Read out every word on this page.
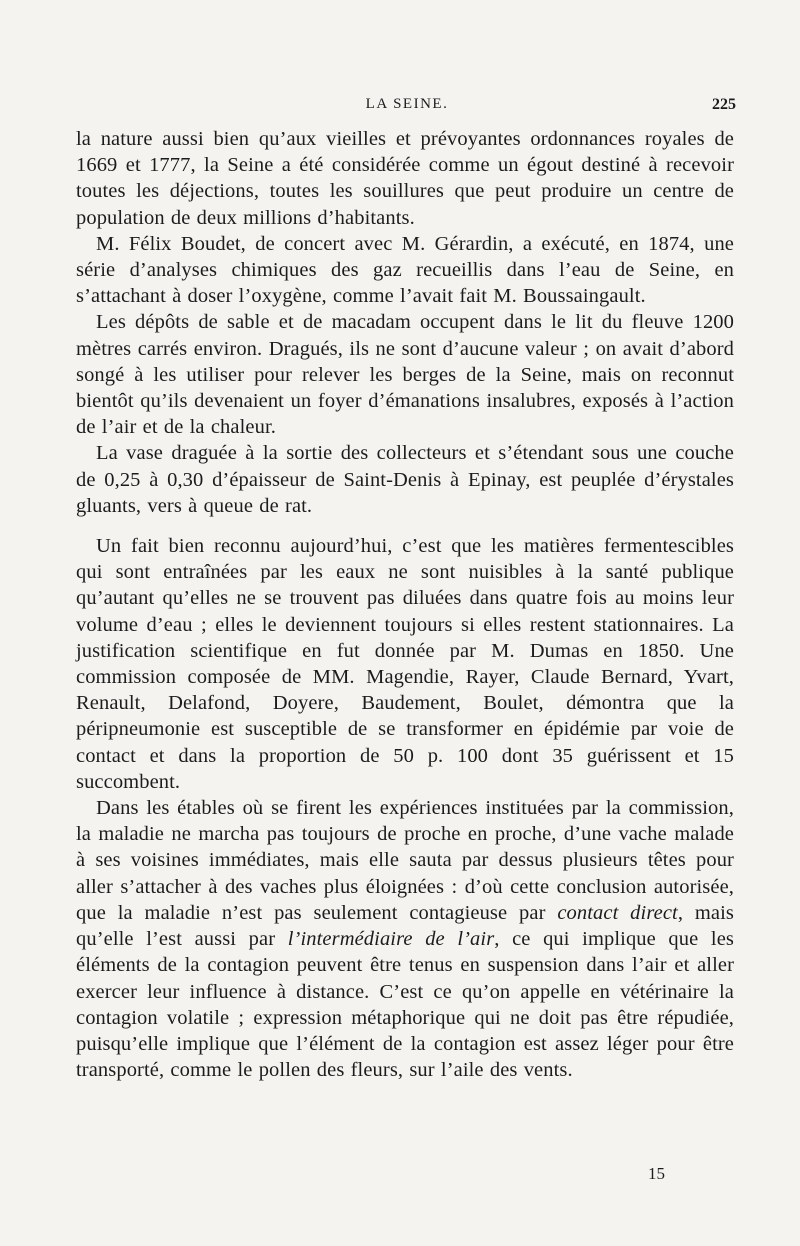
LA SEINE.	225

la nature aussi bien qu’aux vieilles et prévoyantes ordonnances royales de 1669 et 1777, la Seine a été considérée comme un égout destiné à recevoir toutes les déjections, toutes les souillures que peut produire un centre de population de deux millions d’habitants.

M. Félix Boudet, de concert avec M. Gérardin, a exécuté, en 1874, une série d’analyses chimiques des gaz recueillis dans l’eau de Seine, en s’attachant à doser l’oxygène, comme l’avait fait M. Boussaingault.

Les dépôts de sable et de macadam occupent dans le lit du fleuve 1200 mètres carrés environ. Dragués, ils ne sont d’aucune valeur ; on avait d’abord songé à les utiliser pour relever les berges de la Seine, mais on reconnut bientôt qu’ils devenaient un foyer d’émanations insalubres, exposés à l’action de l’air et de la chaleur.

La vase draguée à la sortie des collecteurs et s’étendant sous une couche de 0,25 à 0,30 d’épaisseur de Saint-Denis à Epinay, est peuplée d’érystales gluants, vers à queue de rat.

Un fait bien reconnu aujourd’hui, c’est que les matières fermentescibles qui sont entraînées par les eaux ne sont nuisibles à la santé publique qu’autant qu’elles ne se trouvent pas diluées dans quatre fois au moins leur volume d’eau ; elles le deviennent toujours si elles restent stationnaires. La justification scientifique en fut donnée par M. Dumas en 1850. Une commission composée de MM. Magendie, Rayer, Claude Bernard, Yvart, Renault, Delafond, Doyere, Baudement, Boulet, démontra que la péripneumonie est susceptible de se transformer en épidémie par voie de contact et dans la proportion de 50 p. 100 dont 35 guérissent et 15 succombent.

Dans les étables où se firent les expériences instituées par la commission, la maladie ne marcha pas toujours de proche en proche, d’une vache malade à ses voisines immédiates, mais elle sauta par dessus plusieurs têtes pour aller s’attacher à des vaches plus éloignées : d’où cette conclusion autorisée, que la maladie n’est pas seulement contagieuse par contact direct, mais qu’elle l’est aussi par l’intermédiaire de l’air, ce qui implique que les éléments de la contagion peuvent être tenus en suspension dans l’air et aller exercer leur influence à distance. C’est ce qu’on appelle en vétérinaire la contagion volatile ; expression métaphorique qui ne doit pas être répudiée, puisqu’elle implique que l’élément de la contagion est assez léger pour être transporté, comme le pollen des fleurs, sur l’aile des vents.

15
